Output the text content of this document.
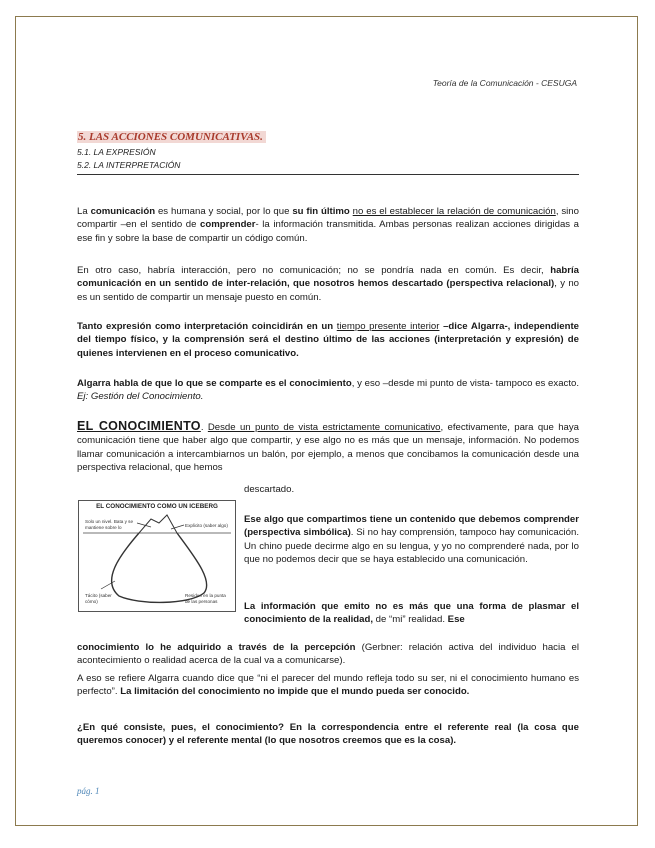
Teoría de la Comunicación - CESUGA
5. LAS ACCIONES COMUNICATIVAS.
5.1. LA EXPRESIÓN
5.2. LA INTERPRETACIÓN
La comunicación es humana y social, por lo que su fin último no es el establecer la relación de comunicación, sino compartir –en el sentido de comprender- la información transmitida. Ambas personas realizan acciones dirigidas a ese fin y sobre la base de compartir un código común.
En otro caso, habría interacción, pero no comunicación; no se pondría nada en común. Es decir, habría comunicación en un sentido de inter-relación, que nosotros hemos descartado (perspectiva relacional), y no es un sentido de compartir un mensaje puesto en común.
Tanto expresión como interpretación coincidirán en un tiempo presente interior –dice Algarra-, independiente del tiempo físico, y la comprensión será el destino último de las acciones (interpretación y expresión) de quienes intervienen en el proceso comunicativo.
Algarra habla de que lo que se comparte es el conocimiento, y eso –desde mi punto de vista- tampoco es exacto. Ej: Gestión del Conocimiento.
EL CONOCIMIENTO. Desde un punto de vista estrictamente comunicativo, efectivamente, para que haya comunicación tiene que haber algo que compartir, y ese algo no es más que un mensaje, información. No podemos llamar comunicación a intercambiarnos un balón, por ejemplo, a menos que concibamos la comunicación desde una perspectiva relacional, que hemos
descartado.
EL CONOCIMIENTO COMO UN ICEBERG
Solo un nivel. Bata y se mantiene sobre lo	Explicito (saber algo)
Tácito (saber cómo)
Residuo en la punta de las personas
Ese algo que compartimos tiene un contenido que debemos comprender (perspectiva simbólica). Si no hay comprensión, tampoco hay comunicación. Un chino puede decirme algo en su lengua, y yo no comprenderé nada, por lo que no podemos decir que se haya establecido una comunicación.
La información que emito no es más que una forma de plasmar el conocimiento de la realidad, de “mi” realidad. Ese
conocimiento lo he adquirido a través de la percepción (Gerbner: relación activa del individuo hacia el acontecimiento o realidad acerca de la cual va a comunicarse).
A eso se refiere Algarra cuando dice que “ni el parecer del mundo refleja todo su ser, ni el conocimiento humano es perfecto”. La limitación del conocimiento no impide que el mundo pueda ser conocido.
¿En qué consiste, pues, el conocimiento? En la correspondencia entre el referente real (la cosa que queremos conocer) y el referente mental (lo que nosotros creemos que es la cosa).
pág. 1
